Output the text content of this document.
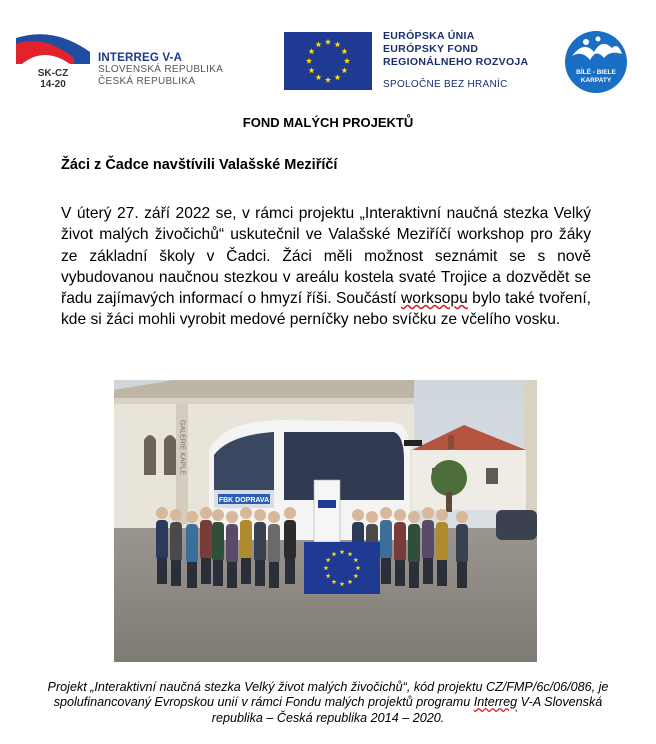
SK-CZ
14-20
INTERREG V-A
SLOVENSKÁ REPUBLIKA
ČESKÁ REPUBLIKA
EURÓPSKA ÚNIA
EURÓPSKY FOND
REGIONÁLNEHO ROZVOJA
SPOLOČNE BEZ HRANÍC
BÍLÉ - BIELE
KARPATY
FOND MALÝCH PROJEKTŮ
Žáci z Čadce navštívili Valašské Meziříčí
V úterý 27. září 2022 se, v rámci projektu „Interaktivní naučná stezka Velký život malých živočichů“ uskutečnil ve Valašské Meziříčí workshop pro žáky ze základní školy v Čadci. Žáci měli možnost seznámit se s nově vybudovanou naučnou stezkou v areálu kostela svaté Trojice a dozvědět se řadu zajímavých informací o hmyzí říši. Součástí worksopu bylo také tvoření, kde si žáci mohli vyrobit medové perníčky nebo svíčku ze včelího vosku.
GALERIE KAPLE
FBK DOPRAVA
Projekt „Interaktivní naučná stezka Velký život malých živočichů“, kód projektu CZ/FMP/6c/06/086, je spolufinancovaný Evropskou unií v rámci Fondu malých projektů programu Interreg V-A Slovenská republika – Česká republika 2014 – 2020.
